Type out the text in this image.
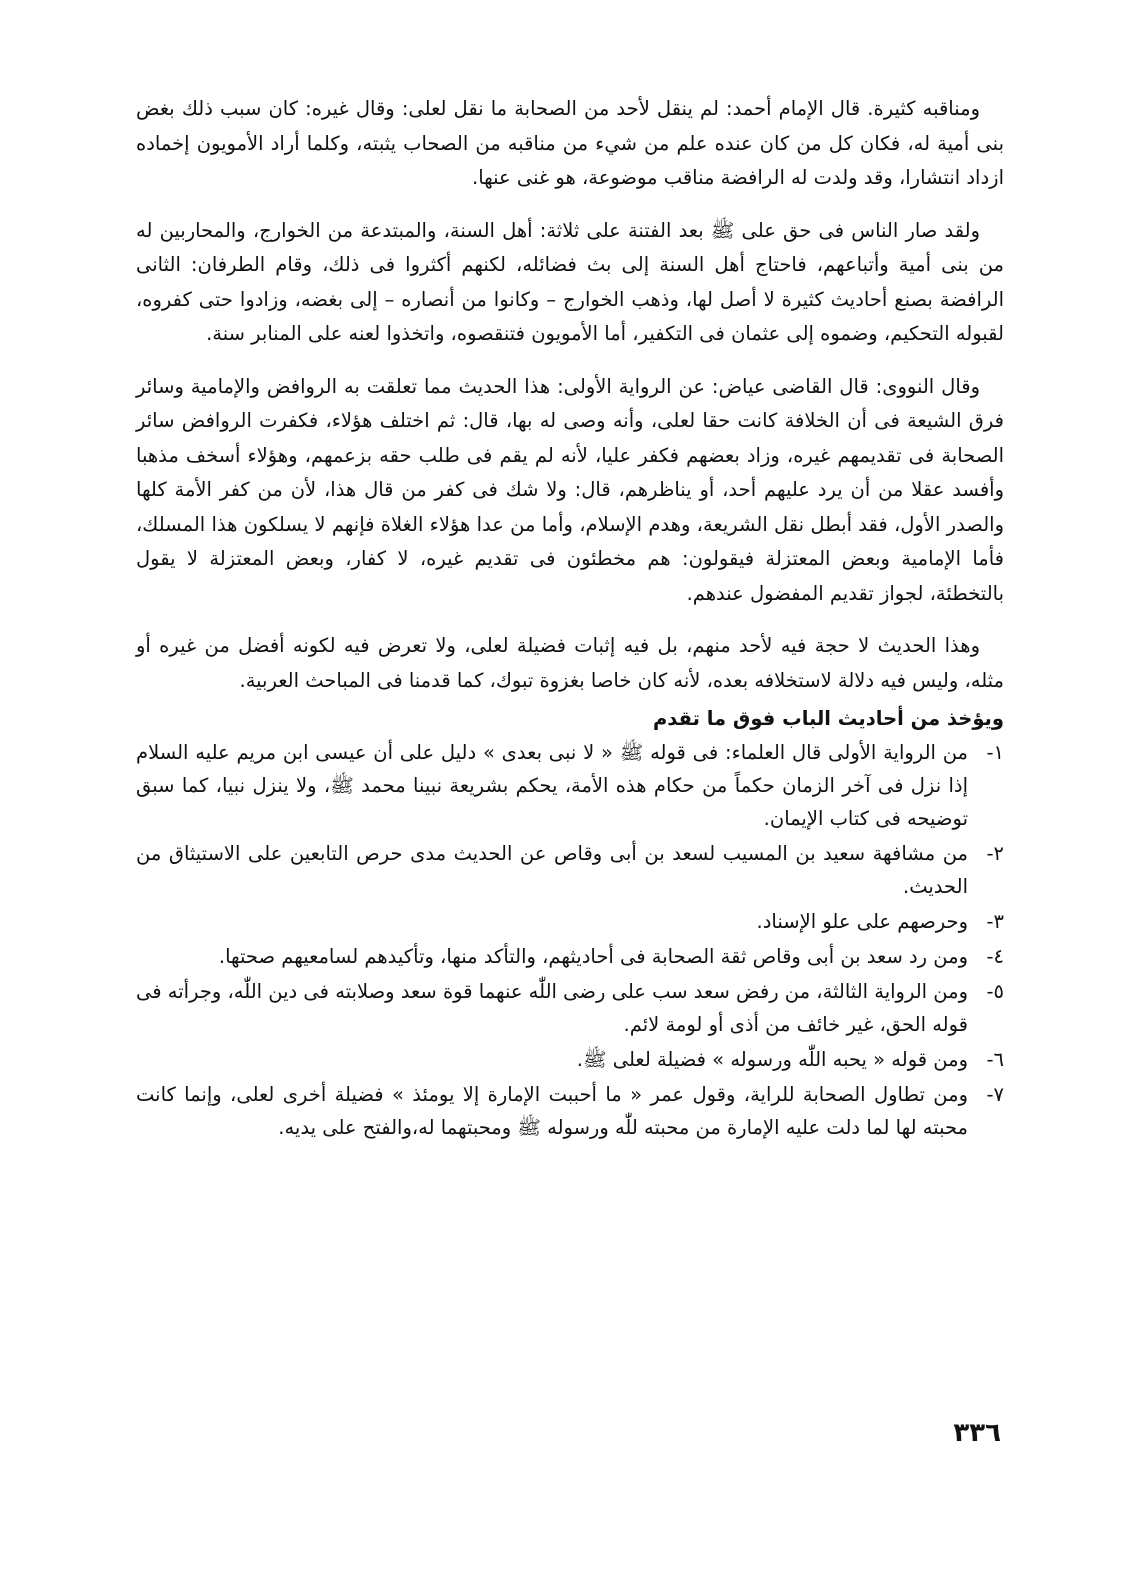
ومناقبه كثيرة. قال الإمام أحمد: لم ينقل لأحد من الصحابة ما نقل لعلى: وقال غيره: كان سبب ذلك بغض بنى أمية له، فكان كل من كان عنده علم من شيء من مناقبه من الصحاب يثبته، وكلما أراد الأمويون إخماده ازداد انتشارا، وقد ولدت له الرافضة مناقب موضوعة، هو غنى عنها.

ولقد صار الناس فى حق على ﷺ بعد الفتنة على ثلاثة: أهل السنة، والمبتدعة من الخوارج، والمحاربين له من بنى أمية وأتباعهم، فاحتاج أهل السنة إلى بث فضائله، لكنهم أكثروا فى ذلك، وقام الطرفان: الثانى الرافضة بصنع أحاديث كثيرة لا أصل لها، وذهب الخوارج – وكانوا من أنصاره – إلى بغضه، وزادوا حتى كفروه، لقبوله التحكيم، وضموه إلى عثمان فى التكفير، أما الأمويون فتنقصوه، واتخذوا لعنه على المنابر سنة.

وقال النووى: قال القاضى عياض: عن الرواية الأولى: هذا الحديث مما تعلقت به الروافض والإمامية وسائر فرق الشيعة فى أن الخلافة كانت حقا لعلى، وأنه وصى له بها، قال: ثم اختلف هؤلاء، فكفرت الروافض سائر الصحابة فى تقديمهم غيره، وزاد بعضهم فكفر عليا، لأنه لم يقم فى طلب حقه بزعمهم، وهؤلاء أسخف مذهبا وأفسد عقلا من أن يرد عليهم أحد، أو يناظرهم، قال: ولا شك فى كفر من قال هذا، لأن من كفر الأمة كلها والصدر الأول، فقد أبطل نقل الشريعة، وهدم الإسلام، وأما من عدا هؤلاء الغلاة فإنهم لا يسلكون هذا المسلك، فأما الإمامية وبعض المعتزلة فيقولون: هم مخطئون فى تقديم غيره، لا كفار، وبعض المعتزلة لا يقول بالتخطئة، لجواز تقديم المفضول عندهم.

وهذا الحديث لا حجة فيه لأحد منهم، بل فيه إثبات فضيلة لعلى، ولا تعرض فيه لكونه أفضل من غيره أو مثله، وليس فيه دلالة لاستخلافه بعده، لأنه كان خاصا بغزوة تبوك، كما قدمنا فى المباحث العربية.

ويؤخذ من أحاديث الباب فوق ما تقدم
١-
من الرواية الأولى قال العلماء: فى قوله ﷺ « لا نبى بعدى » دليل على أن عيسى ابن مريم عليه السلام إذا نزل فى آخر الزمان حكماً من حكام هذه الأمة، يحكم بشريعة نبينا محمد ﷺ، ولا ينزل نبيا، كما سبق توضيحه فى كتاب الإيمان.
٢-
من مشافهة سعيد بن المسيب لسعد بن أبى وقاص عن الحديث مدى حرص التابعين على الاستيثاق من الحديث.
٣-
وحرصهم على علو الإسناد.
٤-
ومن رد سعد بن أبى وقاص ثقة الصحابة فى أحاديثهم، والتأكد منها، وتأكيدهم لسامعيهم صحتها.
٥-
ومن الرواية الثالثة، من رفض سعد سب على رضى اللّٰه عنهما قوة سعد وصلابته فى دين اللّٰه، وجرأته فى قوله الحق، غير خائف من أذى أو لومة لائم.
٦-
ومن قوله « يحبه اللّٰه ورسوله » فضيلة لعلى ﷺ.
٧-
ومن تطاول الصحابة للراية، وقول عمر « ما أحببت الإمارة إلا يومئذ » فضيلة أخرى لعلى، وإنما كانت محبته لها لما دلت عليه الإمارة من محبته للّٰه ورسوله ﷺ ومحبتهما له،والفتح على يديه.
٣٣٦
